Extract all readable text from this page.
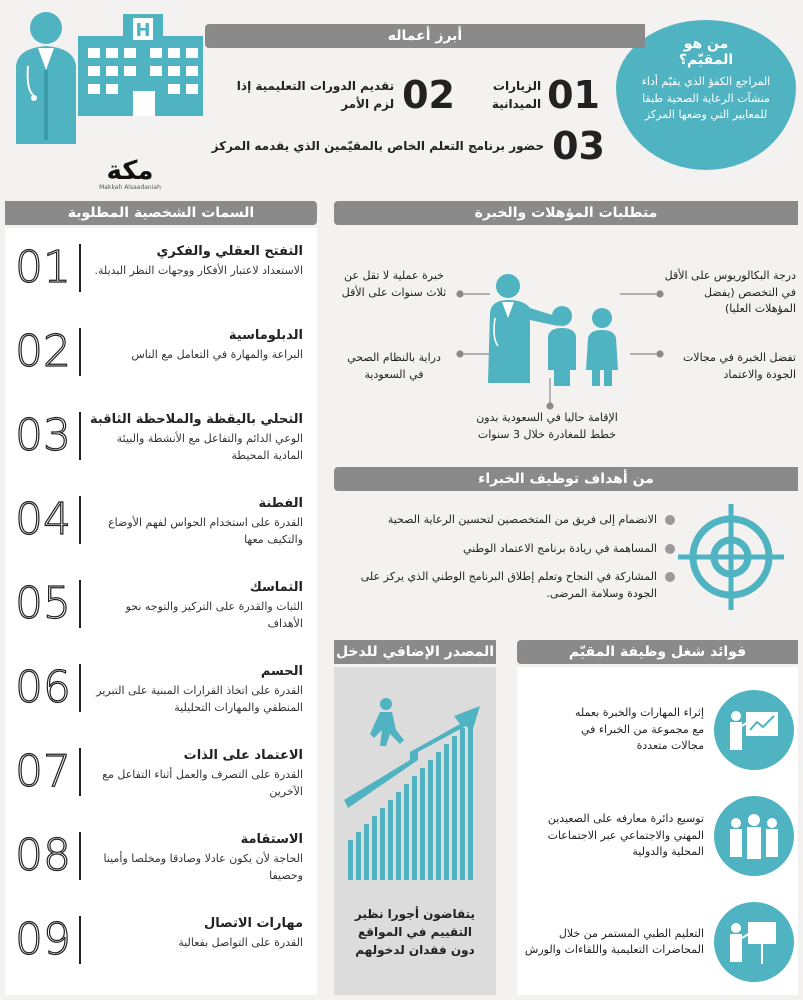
H
من هو
المقيّم؟
المراجع الكفؤ الذي يقيّم أداء منشآت الرعاية الصحية طبقا للمعايير التي وضعها المركز
أبرز أعماله
01
الزيارات الميدانية
02
تقديم الدورات التعليمية إذا لزم الأمر
03
حضور برنامج التعلم الخاص بالمقيّمين الذي يقدمه المركز
مكة
Makkah Alsaadaniah
السمات الشخصية المطلوبة
التفتح العقلي والفكري
الاستعداد لاعتبار الأفكار ووجهات النظر البديلة.
01
الدبلوماسية
البراعة والمهارة في التعامل مع الناس
02
التحلي باليقظة والملاحظة الثاقبة
الوعي الدائم والتفاعل مع الأنشطة والبيئة المادية المحيطة
03
الفطنة
القدرة على استخدام الحواس لفهم الأوضاع والتكيف معها
04
التماسك
الثبات والقدرة على التركيز والتوجه نحو الأهداف
05
الحسم
القدرة على اتخاذ القرارات المبنية على التبرير المنطقي والمهارات التحليلية
06
الاعتماد على الذات
القدرة على التصرف والعمل أثناء التفاعل مع الآخرين
07
الاستقامة
الحاجة لأن يكون عادلا وصادقا ومخلصا وأمينا وحصيفا
08
مهارات الاتصال
القدرة على التواصل بفعالية
09
متطلبات المؤهلات والخبرة
درجة البكالوريوس على الأقل في التخصص (يفضل المؤهلات العليا)
خبرة عملية لا تقل عن ثلاث سنوات على الأقل
تفضل الخبرة في مجالات الجودة والاعتماد
دراية بالنظام الصحي في السعودية
الإقامة حاليا في السعودية بدون خطط للمغادرة خلال 3 سنوات
من أهداف توظيف الخبراء
الانضمام إلى فريق من المتخصصين لتحسين الرعاية الصحية
المساهمة في ريادة برنامج الاعتماد الوطني
المشاركة في النجاح وتعلم إطلاق البرنامج الوطني الذي يركز على الجودة وسلامة المرضى.
فوائد شغل وظيفة المقيّم
إثراء المهارات والخبرة بعمله مع مجموعة من الخبراء في مجالات متعددة
توسيع دائرة معارفه على الصعيدين المهني والاجتماعي عبر الاجتماعات المحلية والدولية
التعليم الطبي المستمر من خلال المحاضرات التعليمية واللقاءات والورش
المصدر الإضافي للدخل
يتقاضون أجورا نظير التقييم في المواقع دون فقدان لدخولهم
